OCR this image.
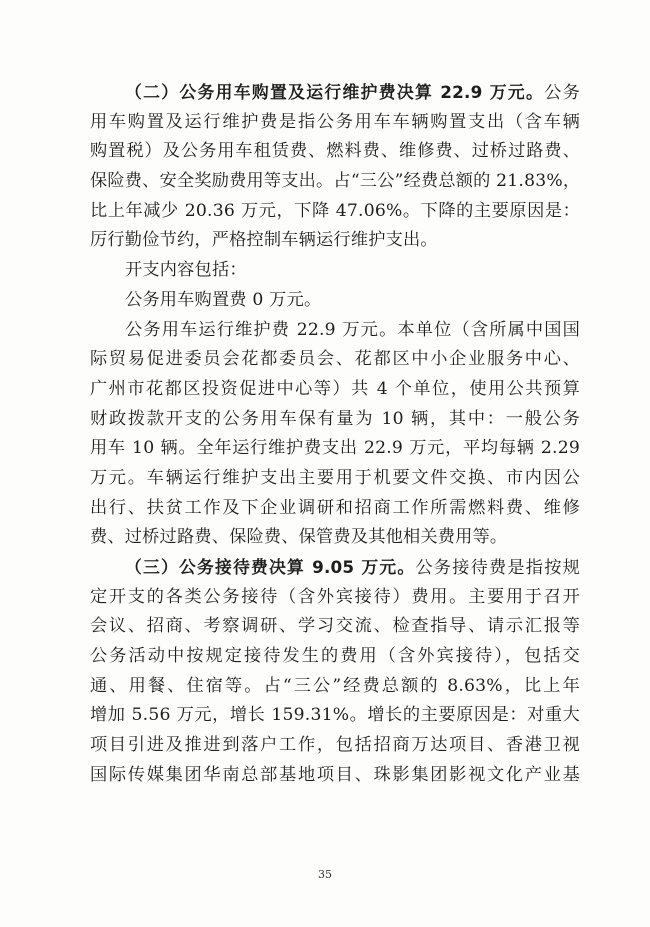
（二）公务用车购置及运行维护费决算 22.9 万元。公务
用车购置及运行维护费是指公务用车车辆购置支出（含车辆
购置税）及公务用车租赁费、燃料费、维修费、过桥过路费、
保险费、安全奖励费用等支出。占“三公”经费总额的 21.83%，
比上年减少 20.36 万元，下降 47.06%。下降的主要原因是：
厉行勤俭节约，严格控制车辆运行维护支出。
开支内容包括：
公务用车购置费 0 万元。
公务用车运行维护费 22.9 万元。本单位（含所属中国国
际贸易促进委员会花都委员会、花都区中小企业服务中心、
广州市花都区投资促进中心等）共 4 个单位，使用公共预算
财政拨款开支的公务用车保有量为 10 辆，其中：一般公务
用车 10 辆。全年运行维护费支出 22.9 万元，平均每辆 2.29
万元。车辆运行维护支出主要用于机要文件交换、市内因公
出行、扶贫工作及下企业调研和招商工作所需燃料费、维修
费、过桥过路费、保险费、保管费及其他相关费用等。
（三）公务接待费决算 9.05 万元。公务接待费是指按规
定开支的各类公务接待（含外宾接待）费用。主要用于召开
会议、招商、考察调研、学习交流、检查指导、请示汇报等
公务活动中按规定接待发生的费用（含外宾接待），包括交
通、用餐、住宿等。占“三公”经费总额的 8.63%，比上年
增加 5.56 万元，增长 159.31%。增长的主要原因是：对重大
项目引进及推进到落户工作，包括招商万达项目、香港卫视
国际传媒集团华南总部基地项目、珠影集团影视文化产业基
35
